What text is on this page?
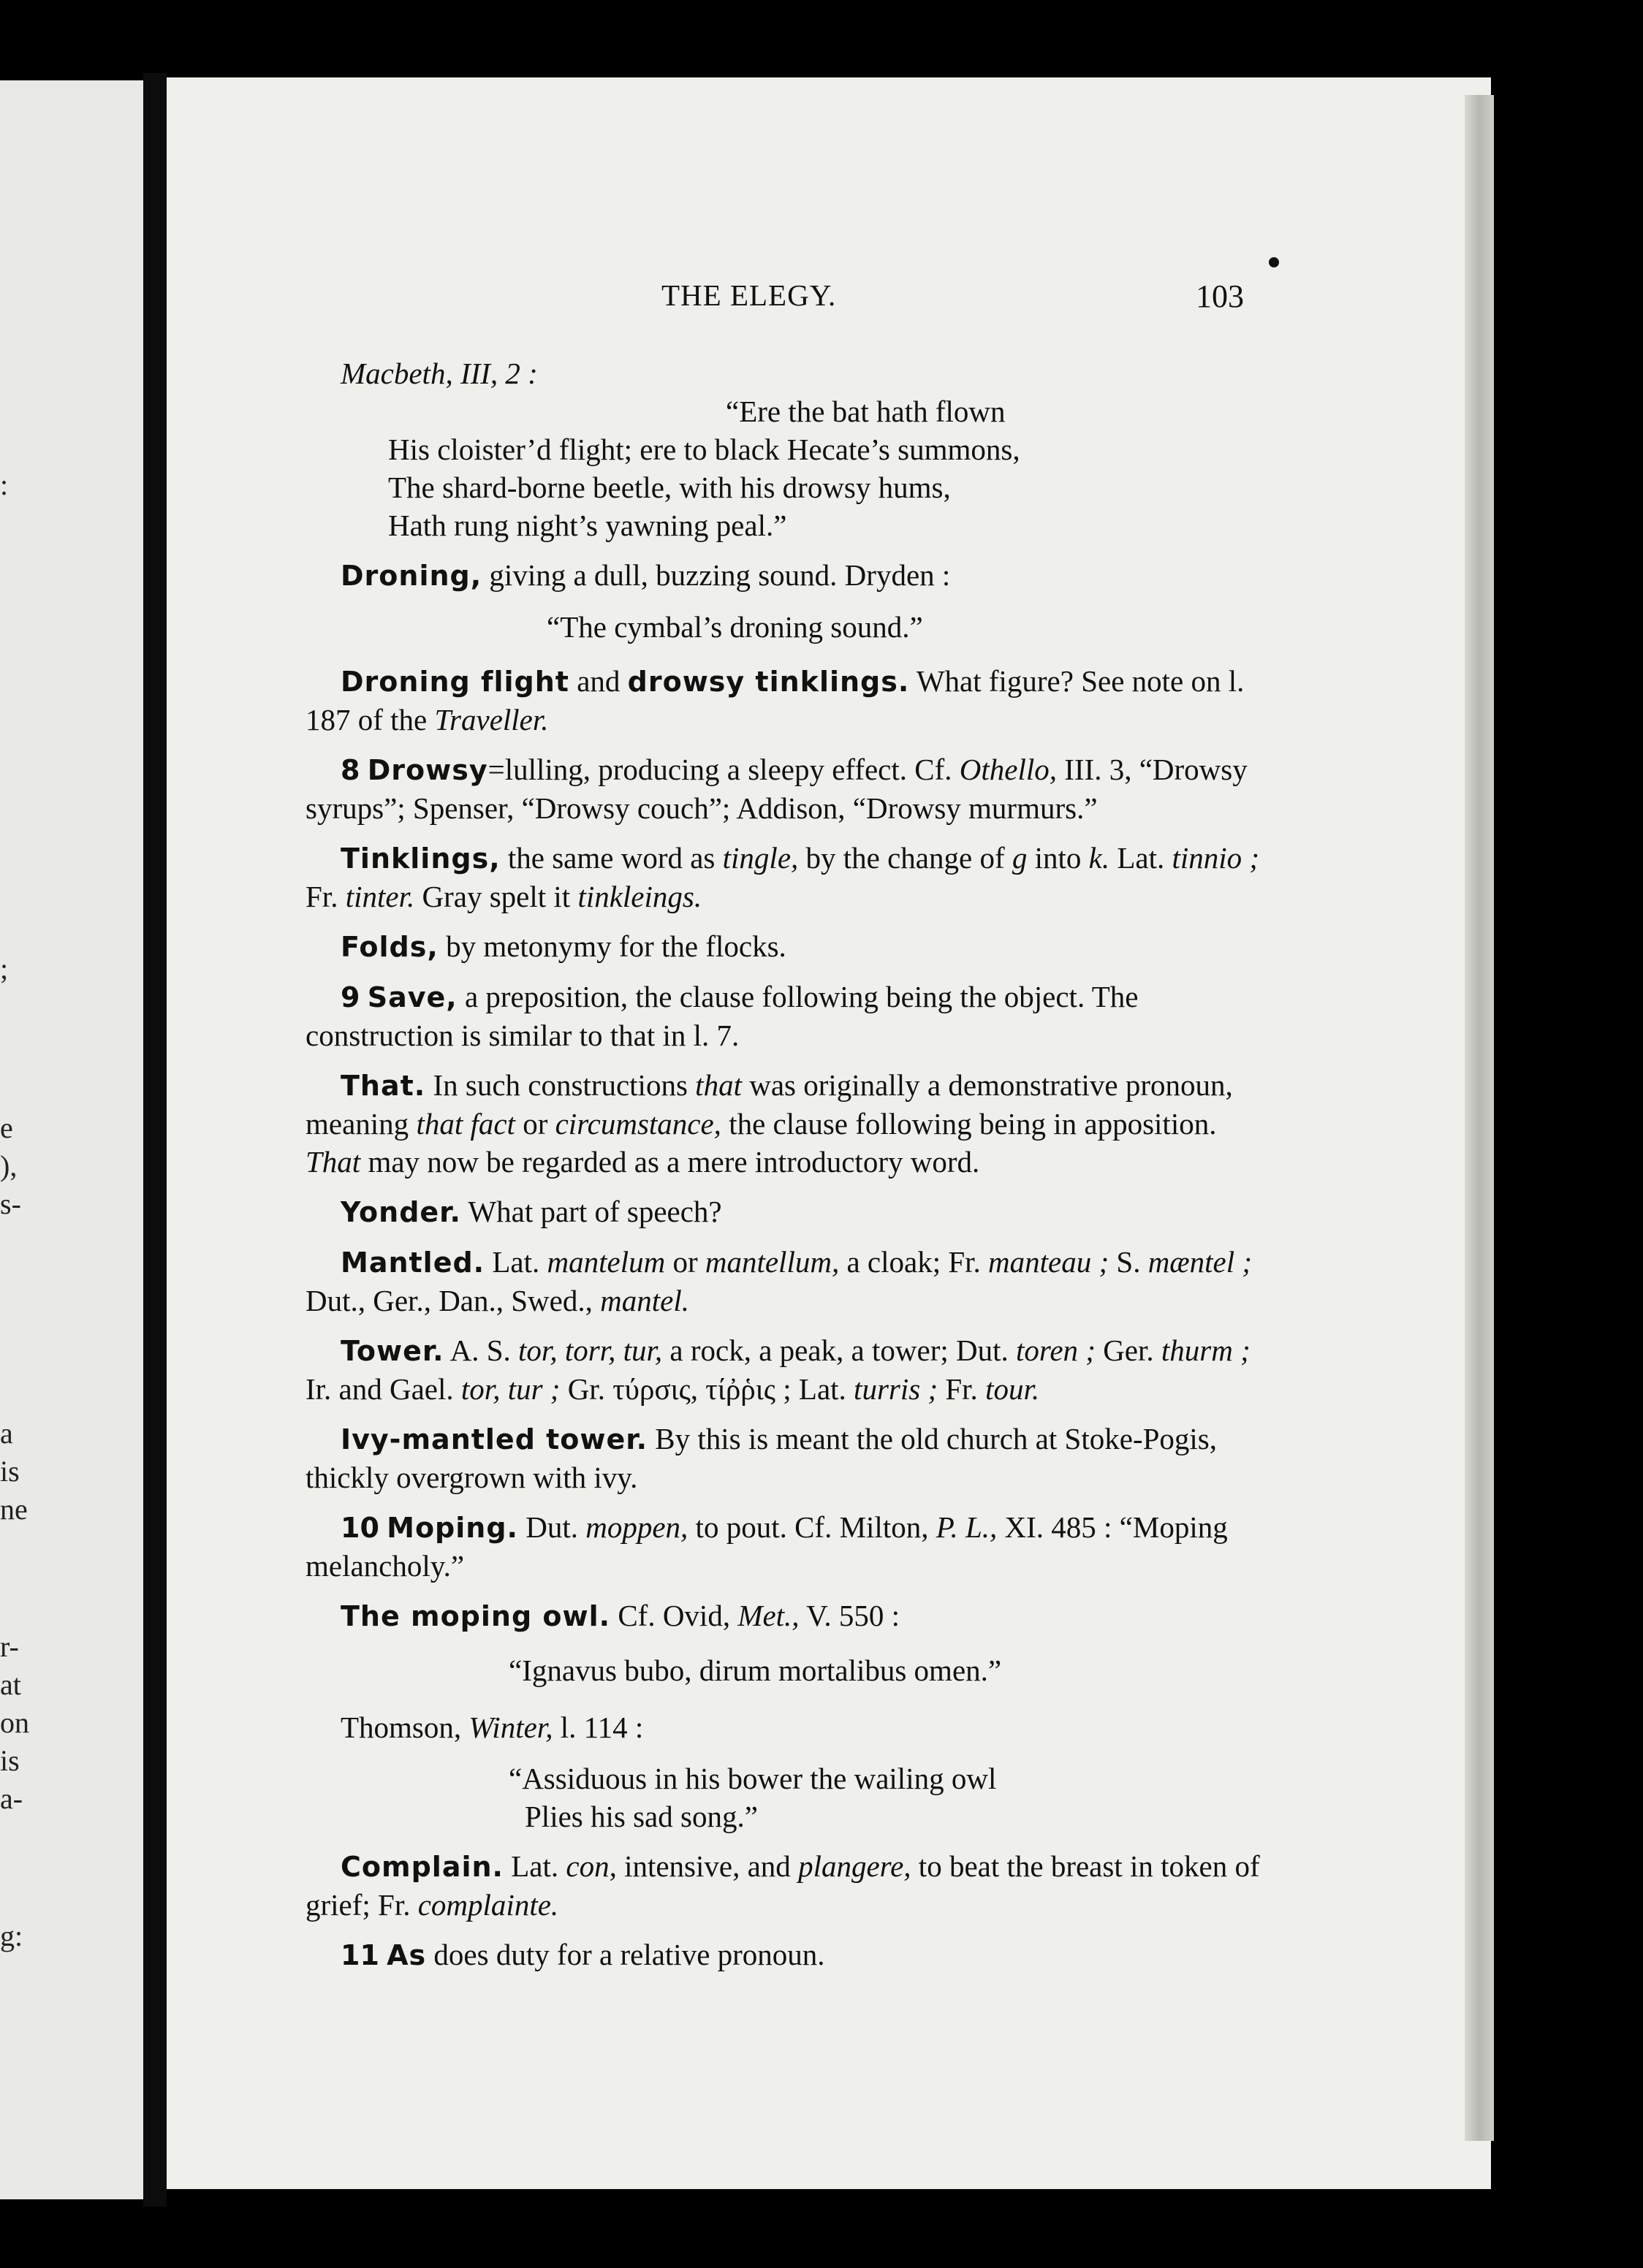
:
;
e
),
s-
a
is
ne
r-
at
on
is
a-
g:
THE ELEGY.	103

Macbeth, III, 2 :

“Ere the bat hath flown

His cloister’d flight; ere to black Hecate’s summons,

The shard-borne beetle, with his drowsy hums,

Hath rung night’s yawning peal.”

Droning, giving a dull, buzzing sound. Dryden :

“The cymbal’s droning sound.”

Droning flight and drowsy tinklings. What figure? See note on l. 187 of the Traveller.

8 Drowsy=lulling, producing a sleepy effect. Cf. Othello, III. 3, “Drowsy syrups”; Spenser, “Drowsy couch”; Addison, “Drowsy murmurs.”

Tinklings, the same word as tingle, by the change of g into k. Lat. tinnio ; Fr. tinter. Gray spelt it tinkleings.

Folds, by metonymy for the flocks.

9 Save, a preposition, the clause following being the object. The construction is similar to that in l. 7.

That. In such constructions that was originally a demonstrative pronoun, meaning that fact or circumstance, the clause following being in apposition. That may now be regarded as a mere introductory word.

Yonder. What part of speech?

Mantled. Lat. mantelum or mantellum, a cloak; Fr. manteau ; S. mæntel ; Dut., Ger., Dan., Swed., mantel.

Tower. A. S. tor, torr, tur, a rock, a peak, a tower; Dut. toren ; Ger. thurm ; Ir. and Gael. tor, tur ; Gr. τύρσις, τίῤῥις ; Lat. turris ; Fr. tour.

Ivy-mantled tower. By this is meant the old church at Stoke-Pogis, thickly overgrown with ivy.

10 Moping. Dut. moppen, to pout. Cf. Milton, P. L., XI. 485 : “Moping melancholy.”

The moping owl. Cf. Ovid, Met., V. 550 :

“Ignavus bubo, dirum mortalibus omen.”

Thomson, Winter, l. 114 :

“Assiduous in his bower the wailing owl

Plies his sad song.”

Complain. Lat. con, intensive, and plangere, to beat the breast in token of grief; Fr. complainte.

11 As does duty for a relative pronoun.
